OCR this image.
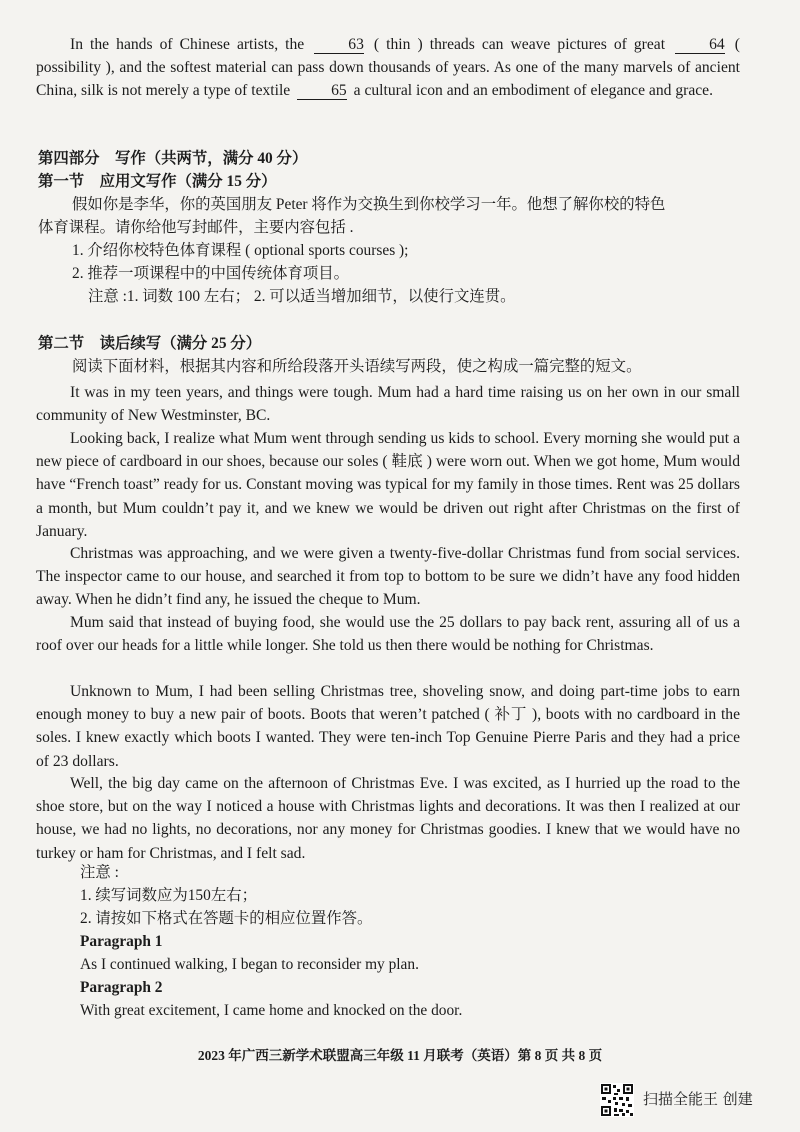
In the hands of Chinese artists, the	63 ( thin ) threads can weave pictures of great	64 ( possibility ), and the softest material can pass down thousands of years. As one of the many marvels of ancient China, silk is not merely a type of textile	65 a cultural icon and an embodiment of elegance and grace.
第四部分　写作（共两节，满分 40 分）
第一节　应用文写作（满分 15 分）
假如你是李华，你的英国朋友 Peter 将作为交换生到你校学习一年。他想了解你校的特色
体育课程。请你给他写封邮件，主要内容包括 .
1. 介绍你校特色体育课程 ( optional sports courses );
2. 推荐一项课程中的中国传统体育项目。
注意 :1. 词数 100 左右； 2. 可以适当增加细节，以使行文连贯。
第二节　读后续写（满分 25 分）
阅读下面材料，根据其内容和所给段落开头语续写两段，使之构成一篇完整的短文。
It was in my teen years, and things were tough. Mum had a hard time raising us on her own in our small community of New Westminster, BC.
Looking back, I realize what Mum went through sending us kids to school. Every morning she would put a new piece of cardboard in our shoes, because our soles ( 鞋底 ) were worn out. When we got home, Mum would have “French toast” ready for us. Constant moving was typical for my family in those times. Rent was 25 dollars a month, but Mum couldn’t pay it, and we knew we would be driven out right after Christmas on the first of January.
Christmas was approaching, and we were given a twenty-five-dollar Christmas fund from social services. The inspector came to our house, and searched it from top to bottom to be sure we didn’t have any food hidden away. When he didn’t find any, he issued the cheque to Mum.
Mum said that instead of buying food, she would use the 25 dollars to pay back rent, assuring all of us a roof over our heads for a little while longer. She told us then there would be nothing for Christmas.
Unknown to Mum, I had been selling Christmas tree, shoveling snow, and doing part-time jobs to earn enough money to buy a new pair of boots. Boots that weren’t patched ( 补丁 ), boots with no cardboard in the soles. I knew exactly which boots I wanted. They were ten-inch Top Genuine Pierre Paris and they had a price of 23 dollars.
Well, the big day came on the afternoon of Christmas Eve. I was excited, as I hurried up the road to the shoe store, but on the way I noticed a house with Christmas lights and decorations. It was then I realized at our house, we had no lights, no decorations, nor any money for Christmas goodies. I knew that we would have no turkey or ham for Christmas, and I felt sad.
注意 :
1. 续写词数应为150左右；
2. 请按如下格式在答题卡的相应位置作答。
Paragraph 1
As I continued walking, I began to reconsider my plan.
Paragraph 2
With great excitement, I came home and knocked on the door.
2023 年广西三新学术联盟高三年级 11 月联考（英语）第 8 页 共 8 页
扫描全能王 创建
